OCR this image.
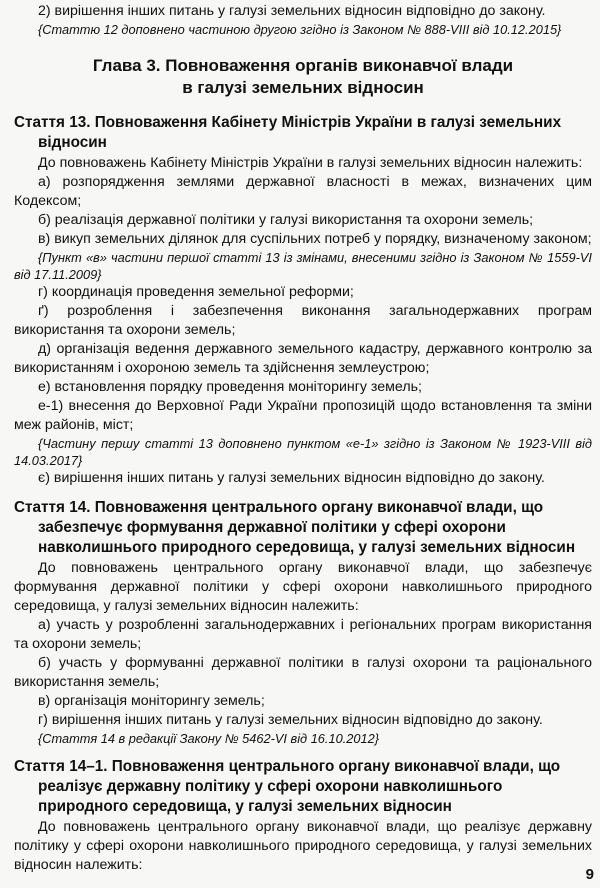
2) вирішення інших питань у галузі земельних відносин відповідно до закону.

{Статтю 12 доповнено частиною другою згідно із Законом № 888-VIII від 10.12.2015}

Глава 3. Повноваження органів виконавчої влади
в галузі земельних відносин
Стаття 13. Повноваження Кабінету Міністрів України в галузі земельних відносин

До повноважень Кабінету Міністрів України в галузі земельних відносин належить:

а) розпорядження землями державної власності в межах, визначених цим Кодексом;

б) реалізація державної політики у галузі використання та охорони земель;

в) викуп земельних ділянок для суспільних потреб у порядку, визначеному законом;

{Пункт «в» частини першої статті 13 із змінами, внесеними згідно із Законом № 1559-VI від 17.11.2009}

г) координація проведення земельної реформи;

ґ) розроблення і забезпечення виконання загальнодержавних програм використання та охорони земель;

д) організація ведення державного земельного кадастру, державного контролю за використанням і охороною земель та здійснення землеустрою;

е) встановлення порядку проведення моніторингу земель;

е-1) внесення до Верховної Ради України пропозицій щодо встановлення та зміни меж районів, міст;

{Частину першу статті 13 доповнено пунктом «е-1» згідно із Законом № 1923-VIII від 14.03.2017}

є) вирішення інших питань у галузі земельних відносин відповідно до закону.

Стаття 14. Повноваження центрального органу виконавчої влади, що забезпечує формування державної політики у сфері охорони навколишнього природного середовища, у галузі земельних відносин

До повноважень центрального органу виконавчої влади, що забезпечує формування державної політики у сфері охорони навколишнього природного середовища, у галузі земельних відносин належить:

а) участь у розробленні загальнодержавних і регіональних програм використання та охорони земель;

б) участь у формуванні державної політики в галузі охорони та раціонального використання земель;

в) організація моніторингу земель;

г) вирішення інших питань у галузі земельних відносин відповідно до закону.

{Стаття 14 в редакції Закону № 5462-VI від 16.10.2012}

Стаття 14–1. Повноваження центрального органу виконавчої влади, що реалізує державну політику у сфері охорони навколишнього природного середовища, у галузі земельних відносин

До повноважень центрального органу виконавчої влади, що реалізує державну політику у сфері охорони навколишнього природного середовища, у галузі земельних відносин належить:

9
